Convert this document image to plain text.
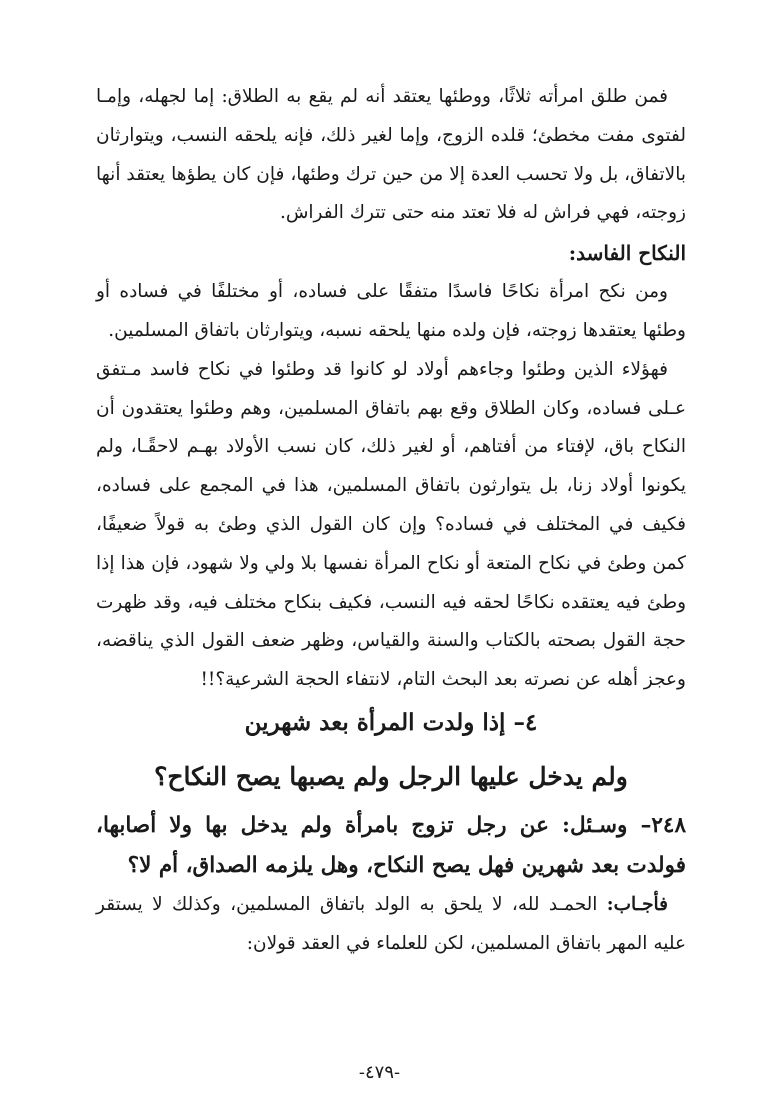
فمن طلق امرأته ثلاثًا، ووطئها يعتقد أنه لم يقع به الطلاق: إما لجهله، وإمـا لفتوى مفت مخطئ؛ قلده الزوج، وإما لغير ذلك، فإنه يلحقه النسب، ويتوارثان بالاتفاق، بل ولا تحسب العدة إلا من حين ترك وطئها، فإن كان يطؤها يعتقد أنها زوجته، فهي فراش له فلا تعتد منه حتى تترك الفراش.

النكاح الفاسد:

ومن نكح امرأة نكاحًا فاسدًا متفقًا على فساده، أو مختلفًا في فساده أو وطئها يعتقدها زوجته، فإن ولده منها يلحقه نسبه، ويتوارثان باتفاق المسلمين.

فهؤلاء الذين وطئوا وجاءهم أولاد لو كانوا قد وطئوا في نكاح فاسد مـتفق عـلى فساده، وكان الطلاق وقع بهم باتفاق المسلمين، وهم وطئوا يعتقدون أن النكاح باق، لإفتاء من أفتاهم، أو لغير ذلك، كان نسب الأولاد بهـم لاحقًـا، ولم يكونوا أولاد زنا، بل يتوارثون باتفاق المسلمين، هذا في المجمع على فساده، فكيف في المختلف في فساده؟ وإن كان القول الذي وطئ به قولاً ضعيفًا، كمن وطئ في نكاح المتعة أو نكاح المرأة نفسها بلا ولي ولا شهود، فإن هذا إذا وطئ فيه يعتقده نكاحًا لحقه فيه النسب، فكيف بنكاح مختلف فيه، وقد ظهرت حجة القول بصحته بالكتاب والسنة والقياس، وظهر ضعف القول الذي يناقضه، وعجز أهله عن نصرته بعد البحث التام، لانتفاء الحجة الشرعية؟!!

٤– إذا ولدت المرأة بعد شهرين

ولم يدخل عليها الرجل ولم يصبها يصح النكاح؟

٢٤٨– وسـئل: عن رجل تزوج بامرأة ولم يدخل بها ولا أصابها، فولدت بعد شهرين فهل يصح النكاح، وهل يلزمه الصداق، أم لا؟

فأجـاب: الحمـد لله، لا يلحق به الولد باتفاق المسلمين، وكذلك لا يستقر عليه المهر باتفاق المسلمين، لكن للعلماء في العقد قولان:

-٤٧٩-
